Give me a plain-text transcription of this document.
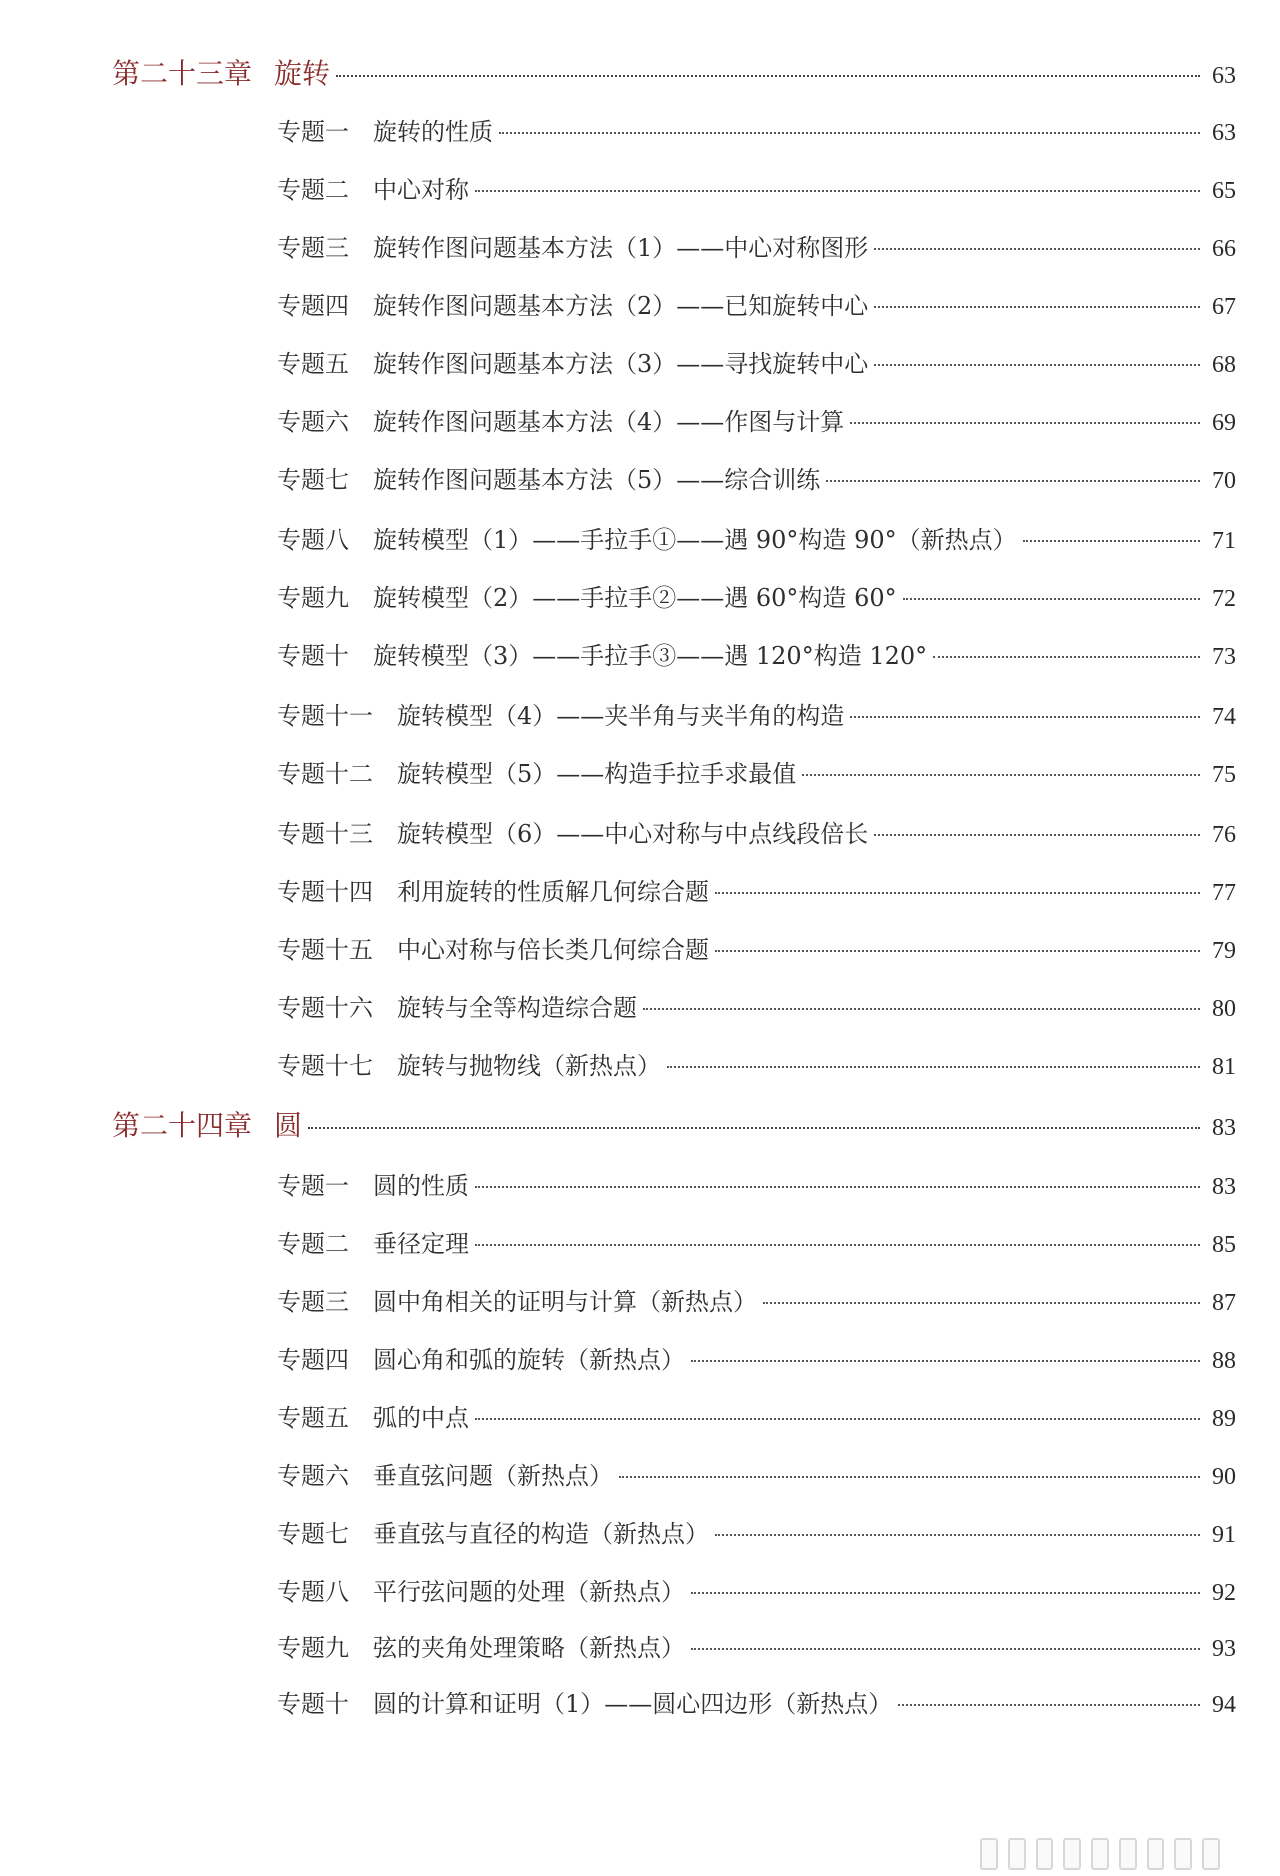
第二十三章 旋转	63
专题一	旋转的性质	63
专题二	中心对称	65
专题三	旋转作图问题基本方法（1）——中心对称图形	66
专题四	旋转作图问题基本方法（2）——已知旋转中心	67
专题五	旋转作图问题基本方法（3）——寻找旋转中心	68
专题六	旋转作图问题基本方法（4）——作图与计算	69
专题七	旋转作图问题基本方法（5）——综合训练	70
专题八	旋转模型（1）——手拉手①——遇 90°构造 90°（新热点）	71
专题九	旋转模型（2）——手拉手②——遇 60°构造 60°	72
专题十	旋转模型（3）——手拉手③——遇 120°构造 120°	73
专题十一	旋转模型（4）——夹半角与夹半角的构造	74
专题十二	旋转模型（5）——构造手拉手求最值	75
专题十三	旋转模型（6）——中心对称与中点线段倍长	76
专题十四	利用旋转的性质解几何综合题	77
专题十五	中心对称与倍长类几何综合题	79
专题十六	旋转与全等构造综合题	80
专题十七	旋转与抛物线（新热点）	81
第二十四章 圆	83
专题一	圆的性质	83
专题二	垂径定理	85
专题三	圆中角相关的证明与计算（新热点）	87
专题四	圆心角和弧的旋转（新热点）	88
专题五	弧的中点	89
专题六	垂直弦问题（新热点）	90
专题七	垂直弦与直径的构造（新热点）	91
专题八	平行弦问题的处理（新热点）	92
专题九	弦的夹角处理策略（新热点）	93
专题十	圆的计算和证明（1）——圆心四边形（新热点）	94
